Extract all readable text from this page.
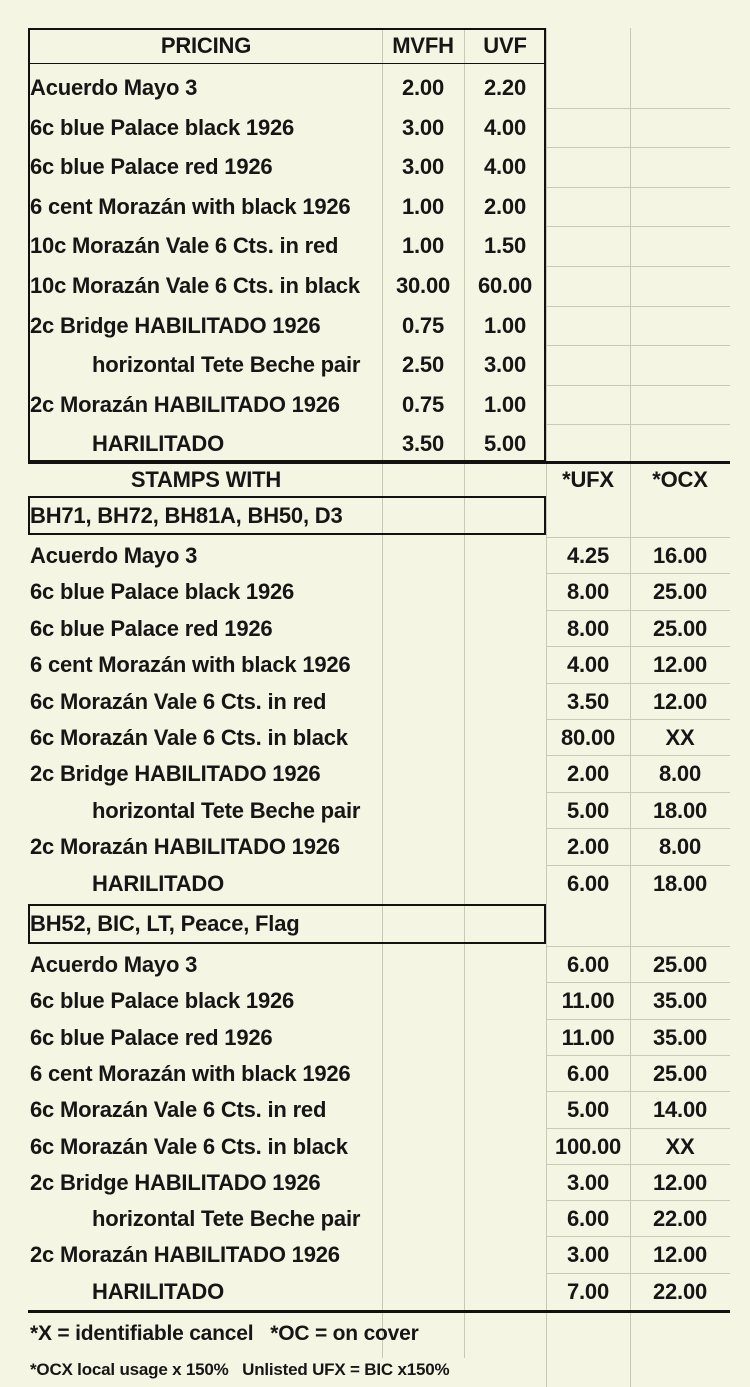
PRICING	MVFH	UVF
Acuerdo Mayo 3	2.00	2.20
6c blue Palace black 1926	3.00	4.00
6c blue Palace red 1926	3.00	4.00
6 cent Morazán with black 1926	1.00	2.00
10c Morazán Vale 6 Cts. in red	1.00	1.50
10c Morazán Vale 6 Cts. in black	30.00	60.00
2c Bridge HABILITADO 1926	0.75	1.00
horizontal Tete Beche pair	2.50	3.00
2c Morazán HABILITADO 1926	0.75	1.00
HARILITADO	3.50	5.00
STAMPS WITH	*UFX	*OCX
BH71, BH72, BH81A, BH50, D3
Acuerdo Mayo 3	4.25	16.00
6c blue Palace black 1926	8.00	25.00
6c blue Palace red 1926	8.00	25.00
6 cent Morazán with black 1926	4.00	12.00
6c Morazán Vale 6 Cts. in red	3.50	12.00
6c Morazán Vale 6 Cts. in black	80.00	XX
2c Bridge HABILITADO 1926	2.00	8.00
horizontal Tete Beche pair	5.00	18.00
2c Morazán HABILITADO 1926	2.00	8.00
HARILITADO	6.00	18.00
BH52, BIC, LT, Peace, Flag
Acuerdo Mayo 3	6.00	25.00
6c blue Palace black 1926	11.00	35.00
6c blue Palace red 1926	11.00	35.00
6 cent Morazán with black 1926	6.00	25.00
6c Morazán Vale 6 Cts. in red	5.00	14.00
6c Morazán Vale 6 Cts. in black	100.00	XX
2c Bridge HABILITADO 1926	3.00	12.00
horizontal Tete Beche pair	6.00	22.00
2c Morazán HABILITADO 1926	3.00	12.00
HARILITADO	7.00	22.00
*X = identifiable cancel   *OC = on cover
*OCX local usage x 150%   Unlisted UFX = BIC x150%
